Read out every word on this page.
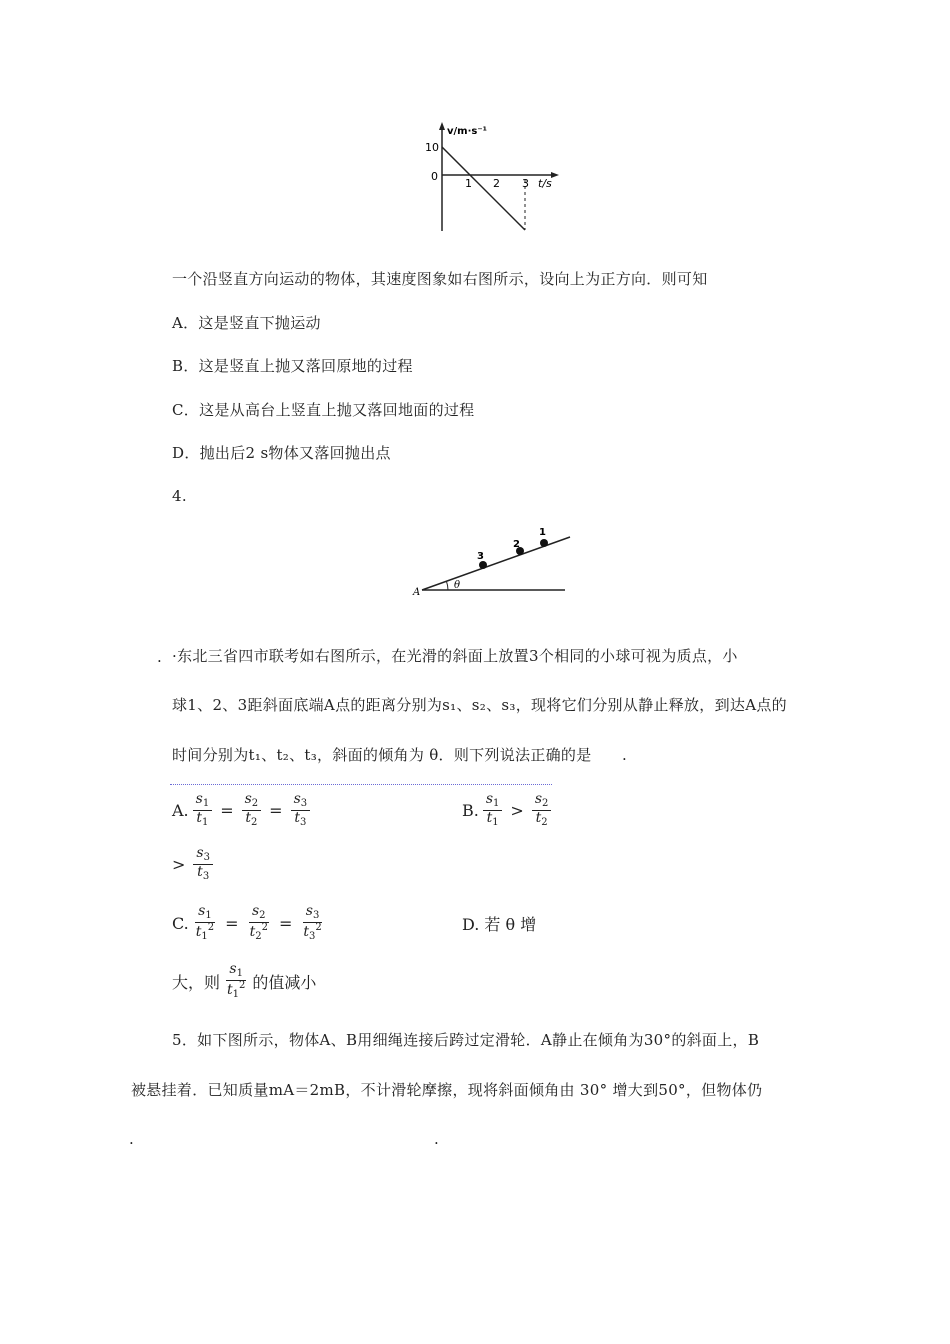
v/m·s⁻¹
10
0
1 2 3 t/s
一个沿竖直方向运动的物体，其速度图象如右图所示，设向上为正方向．则可知
A．这是竖直下抛运动
B．这是竖直上抛又落回原地的过程
C．这是从高台上竖直上抛又落回地面的过程
D．抛出后2 s物体又落回抛出点
4.
1
2
3
A
θ
. ·东北三省四市联考如右图所示，在光滑的斜面上放置3个相同的小球可视为质点，小
球1、2、3距斜面底端A点的距离分别为s₁、s₂、s₃，现将它们分别从静止释放，到达A点的
时间分别为t₁、t₂、t₃，斜面的倾角为 θ．则下列说法正确的是 .
A. $\frac{s_1}{t_1} = \frac{s_2}{t_2} = \frac{s_3}{t_3}$	B. $\frac{s_1}{t_1} > \frac{s_2}{t_2}$
> $\frac{s_3}{t_3}$
C. $\frac{s_1}{t_1^2} = \frac{s_2}{t_2^2} = \frac{s_3}{t_3^2}$	D. 若 θ 增
大，则 $\frac{s_1}{t_1^2}$ 的值减小
5．如下图所示，物体A、B用细绳连接后跨过定滑轮．A静止在倾角为30°的斜面上，B
被悬挂着．已知质量mA＝2mB，不计滑轮摩擦，现将斜面倾角由 30° 增大到50°，但物体仍
.	.
